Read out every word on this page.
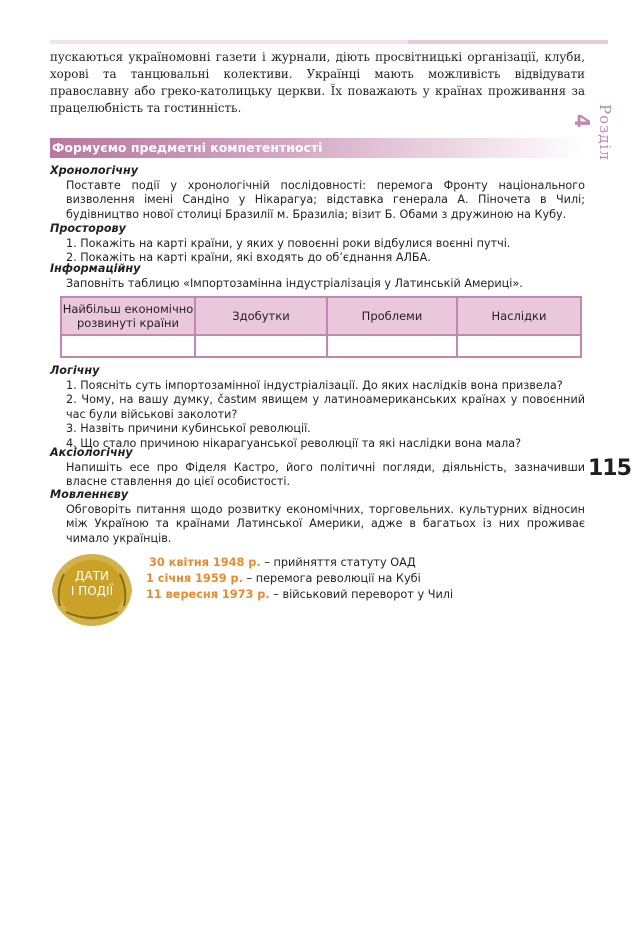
Розділ
4
пускаються україномовні газети і журнали, діють просвітницькі організації, клуби, хорові та танцювальні колективи. Українці мають можливість відвідувати православну або греко-католицьку церкви. Їх поважають у країнах проживання за працелюбність та гостинність.
Формуємо предметні компетентності
Хронологічну
Поставте події у хронологічній послідовності: перемога Фронту національного визволення імені Сандіно у Нікарагуа; відставка генерала А. Піночета в Чилі; будівництво нової столиці Бразилії м. Бразиліа; візит Б. Обами з дружиною на Кубу.
Просторову
1. Покажіть на карті країни, у яких у повоєнні роки відбулися воєнні путчі.
2. Покажіть на карті країни, які входять до об’єднання АЛБА.
Інформаційну
Заповніть таблицю «Імпортозамінна індустріалізація у Латинській Америці».
Найбільш економічно розвинуті країни	Здобутки	Проблеми	Наслідки

Логічну
1. Поясніть суть імпортозамінної індустріалізації. До яких наслідків вона призвела?
2. Чому, на вашу думку, častим явищем у латиноамериканських країнах у повоєнний час були військові заколоти?
3. Назвіть причини кубинської революції.
4. Що стало причиною нікарагуанської революції та які наслідки вона мала?
Аксіологічну
Напишіть есе про Фіделя Кастро, його політичні погляди, діяльність, зазначивши власне ставлення до цієї особистості.
Мовленнєву
Обговоріть питання щодо розвитку економічних, торговельних. культурних відносин між Україною та країнами Латинської Америки, адже в багатьох із них проживає чимало українців.
115
ДАТИ
І ПОДІЇ
30 квітня 1948 р. – прийняття статуту ОАД
1 січня 1959 р. – перемога революції на Кубі
11 вересня 1973 р. – військовий переворот у Чилі
